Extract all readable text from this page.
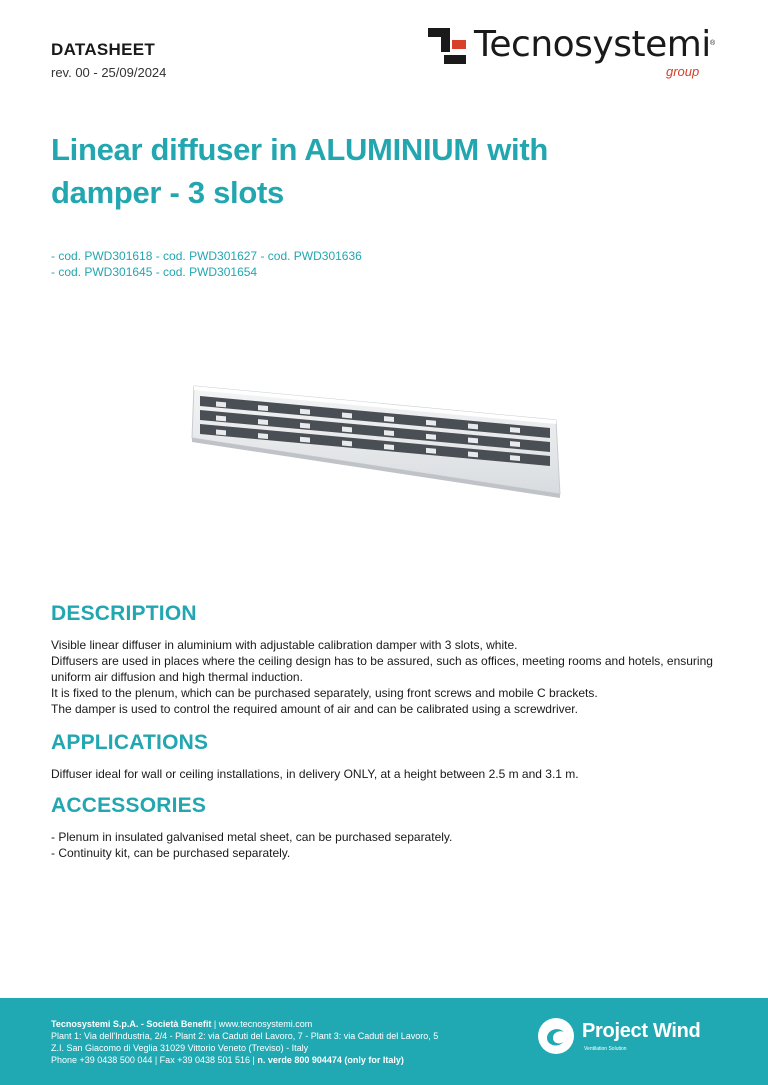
DATASHEET
rev. 00 - 25/09/2024
Tecnosystemi ®
group
Linear diffuser in ALUMINIUM with
damper - 3 slots
- cod. PWD301618 - cod. PWD301627 - cod. PWD301636
- cod. PWD301645 - cod. PWD301654
DESCRIPTION
Visible linear diffuser in aluminium with adjustable calibration damper with 3 slots, white.
Diffusers are used in places where the ceiling design has to be assured, such as offices, meeting rooms and hotels, ensuring uniform air diffusion and high thermal induction.
It is fixed to the plenum, which can be purchased separately, using front screws and mobile C brackets.
The damper is used to control the required amount of air and can be calibrated using a screwdriver.
APPLICATIONS
Diffuser ideal for wall or ceiling installations, in delivery ONLY, at a height between 2.5 m and 3.1 m.
ACCESSORIES
- Plenum in insulated galvanised metal sheet, can be purchased separately.
- Continuity kit, can be purchased separately.
Tecnosystemi S.p.A. - Società Benefit | www.tecnosystemi.com
Plant 1: Via dell'Industria, 2/4 - Plant 2: via Caduti del Lavoro, 7 - Plant 3: via Caduti del Lavoro, 5
Z.I. San Giacomo di Veglia 31029 Vittorio Veneto (Treviso) - Italy
Phone +39 0438 500 044 | Fax +39 0438 501 516 | n. verde 800 904474 (only for Italy)
Project Wind
Ventilation Solution
